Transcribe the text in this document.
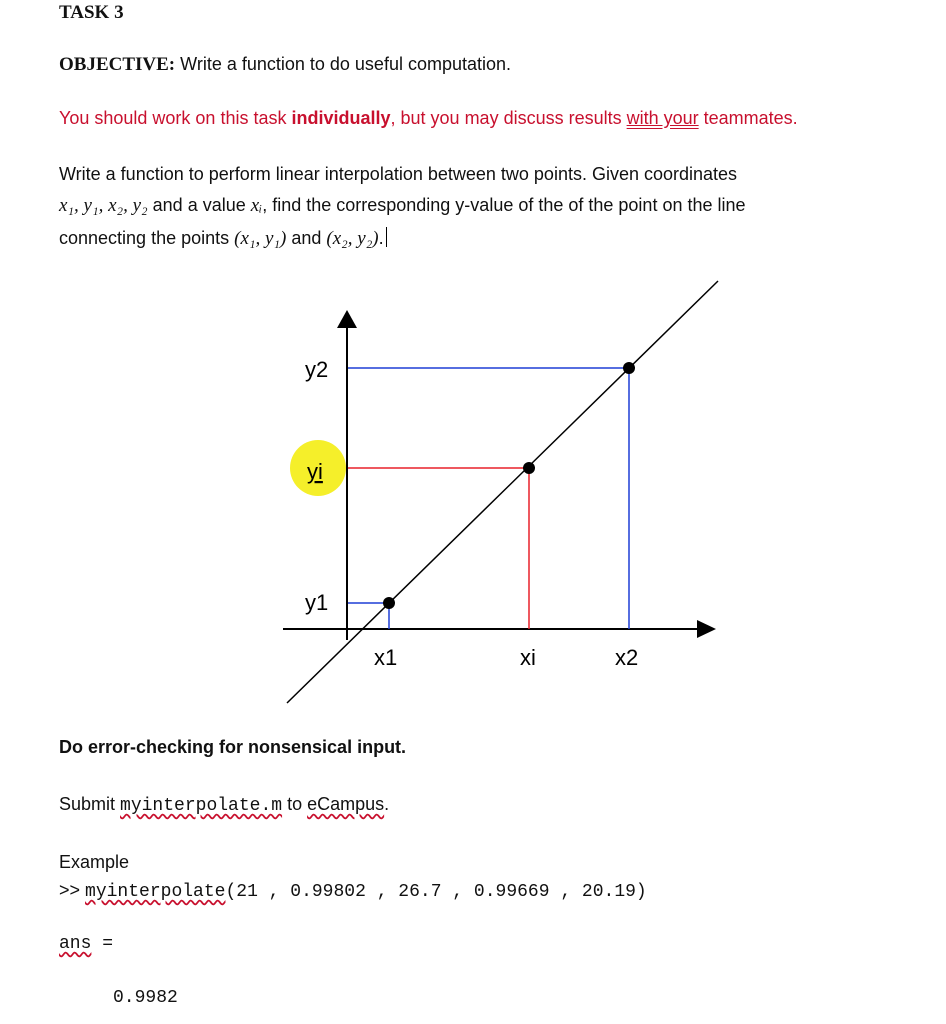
TASK 3
OBJECTIVE: Write a function to do useful computation.
You should work on this task individually, but you may discuss results with your teammates.
Write a function to perform linear interpolation between two points. Given coordinates
x₁, y₁, x₂, y₂ and a value xᵢ, find the corresponding y-value of the of the point on the line
connecting the points (x₁, y₁) and (x₂, y₂).
y2
yi
y1
x1	xi	x2
Do error-checking for nonsensical input.
Submit myinterpolate.m to eCampus.
Example
>> myinterpolate(21 , 0.99802 , 26.7 , 0.99669 , 20.19)
ans =
0.9982
